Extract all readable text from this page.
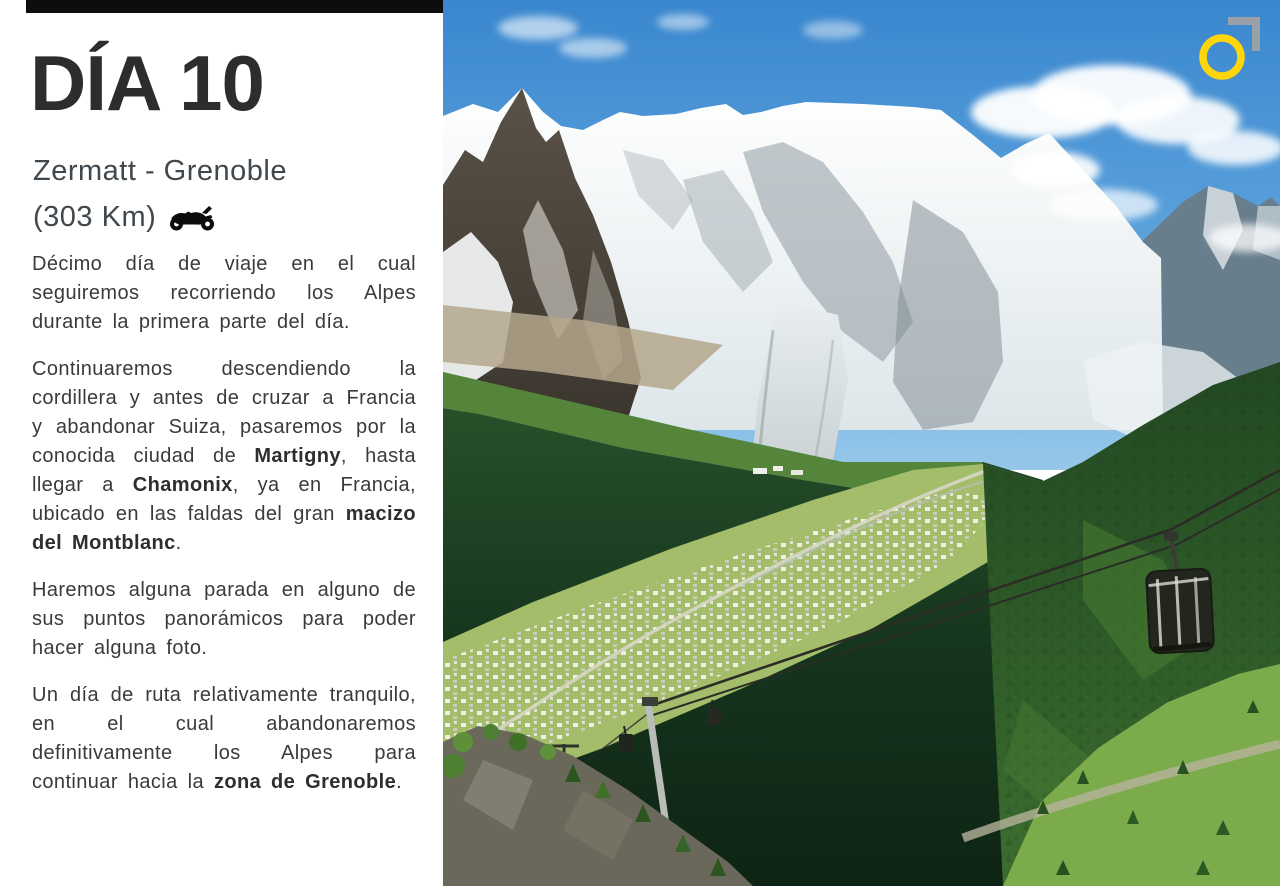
DÍA 10
Zermatt - Grenoble
(303 Km)

Décimo día de viaje en el cual seguiremos recorriendo los Alpes durante la primera parte del día.

Continuaremos descendiendo la cordillera y antes de cruzar a Francia y abandonar Suiza, pasaremos por la conocida ciudad de Martigny, hasta llegar a Chamonix, ya en Francia, ubicado en las faldas del gran macizo del Montblanc.

Haremos alguna parada en alguno de sus puntos panorámicos para poder hacer alguna foto.

Un día de ruta relativamente tranquilo, en el cual abandonaremos definitivamente los Alpes para continuar hacia la zona de Grenoble.
